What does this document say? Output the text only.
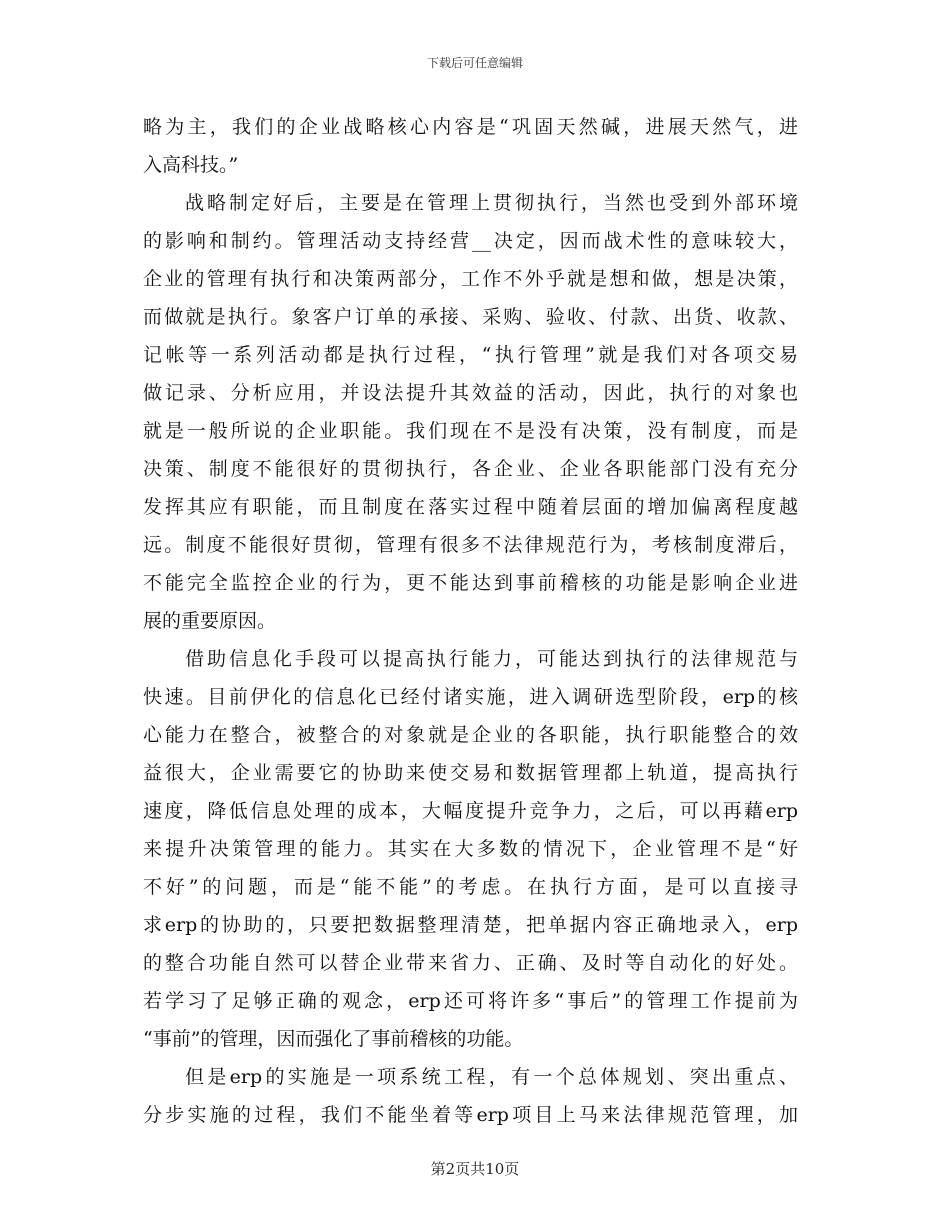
下载后可任意编辑
略为主，我们的企业战略核心内容是“巩固天然碱，进展天然气，进
入高科技。”
战略制定好后，主要是在管理上贯彻执行，当然也受到外部环境
的影响和制约。管理活动支持经营__决定，因而战术性的意味较大，
企业的管理有执行和决策两部分，工作不外乎就是想和做，想是决策，
而做就是执行。象客户订单的承接、采购、验收、付款、出货、收款、
记帐等一系列活动都是执行过程，“执行管理”就是我们对各项交易
做记录、分析应用，并设法提升其效益的活动，因此，执行的对象也
就是一般所说的企业职能。我们现在不是没有决策，没有制度，而是
决策、制度不能很好的贯彻执行，各企业、企业各职能部门没有充分
发挥其应有职能，而且制度在落实过程中随着层面的增加偏离程度越
远。制度不能很好贯彻，管理有很多不法律规范行为，考核制度滞后，
不能完全监控企业的行为，更不能达到事前稽核的功能是影响企业进
展的重要原因。
借助信息化手段可以提高执行能力，可能达到执行的法律规范与
快速。目前伊化的信息化已经付诸实施，进入调研选型阶段，erp的核
心能力在整合，被整合的对象就是企业的各职能，执行职能整合的效
益很大，企业需要它的协助来使交易和数据管理都上轨道，提高执行
速度，降低信息处理的成本，大幅度提升竞争力，之后，可以再藉erp
来提升决策管理的能力。其实在大多数的情况下，企业管理不是“好
不好”的问题，而是“能不能”的考虑。在执行方面，是可以直接寻
求erp的协助的，只要把数据整理清楚，把单据内容正确地录入，erp
的整合功能自然可以替企业带来省力、正确、及时等自动化的好处。
若学习了足够正确的观念，erp还可将许多“事后”的管理工作提前为
“事前”的管理，因而强化了事前稽核的功能。
但是erp的实施是一项系统工程，有一个总体规划、突出重点、
分步实施的过程，我们不能坐着等erp项目上马来法律规范管理，加
第2页共10页
